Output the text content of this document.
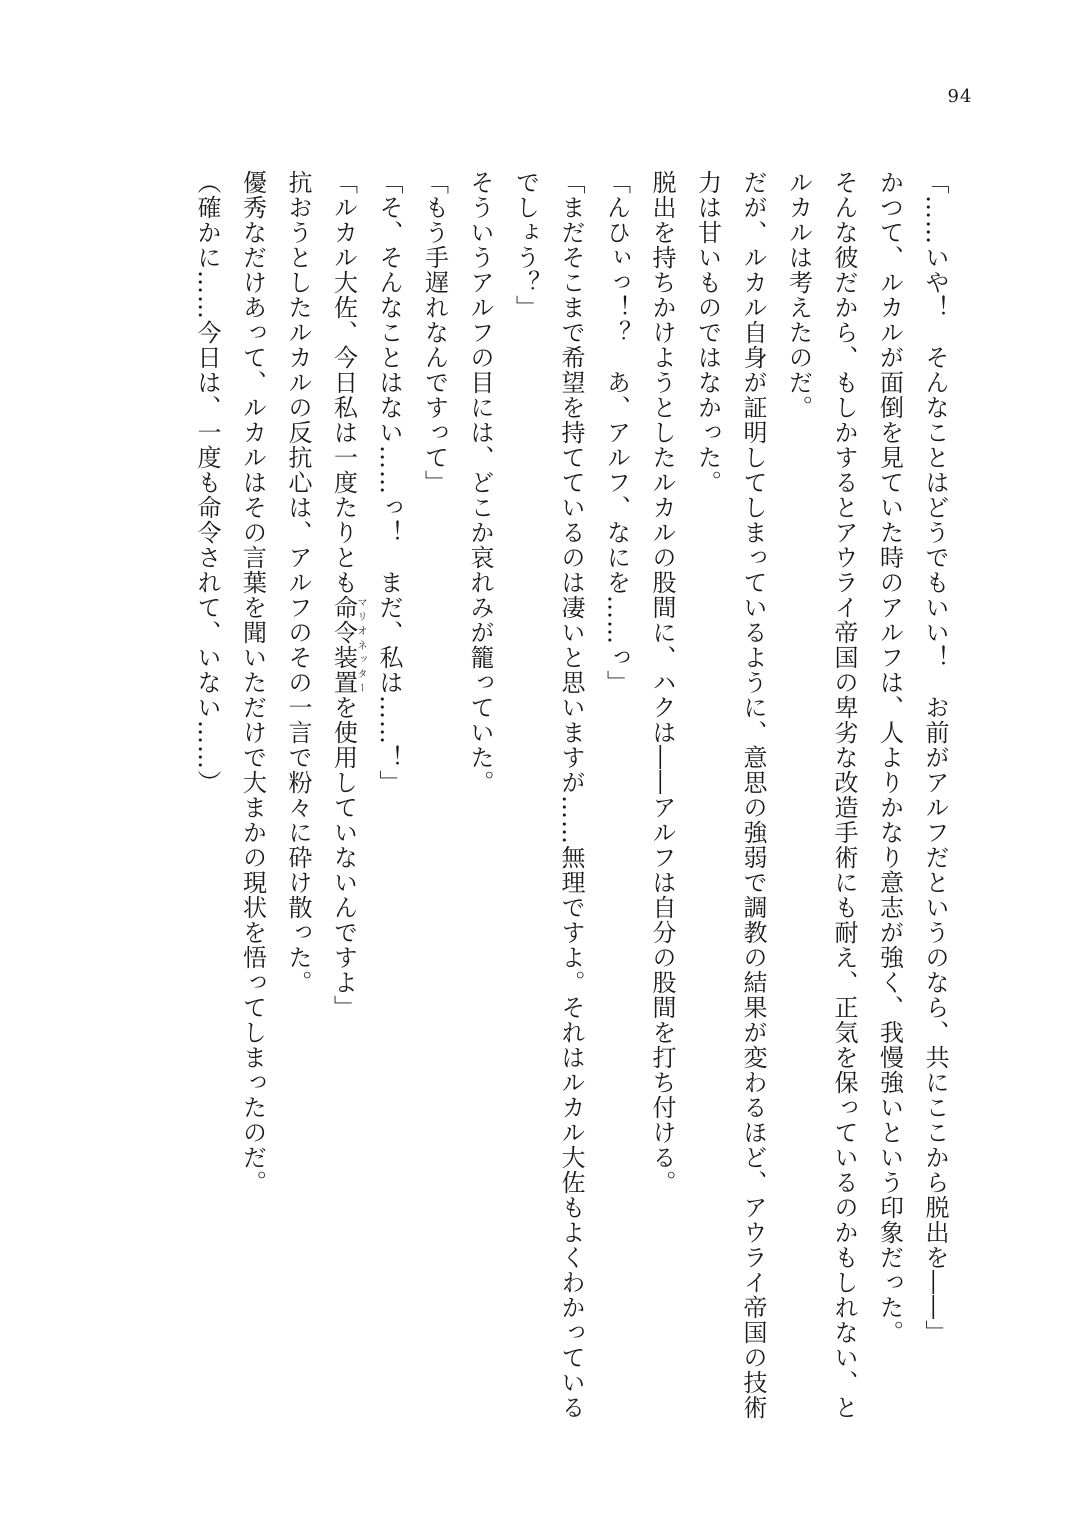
94
「……いや！　そんなことはどうでもいい！　お前がアルフだというのなら、共にここから脱出を――」
かつて、ルカルが面倒を見ていた時のアルフは、人よりかなり意志が強く、我慢強いという印象だった。
そんな彼だから、もしかするとアウライ帝国の卑劣な改造手術にも耐え、正気を保っているのかもしれない、と
ルカルは考えたのだ。
だが、ルカル自身が証明してしまっているように、意思の強弱で調教の結果が変わるほど、アウライ帝国の技術
力は甘いものではなかった。
脱出を持ちかけようとしたルカルの股間に、ハクは――アルフは自分の股間を打ち付ける。
「んひぃっ！？　あ、アルフ、なにを……っ」
「まだそこまで希望を持てているのは凄いと思いますが……無理ですよ。それはルカル大佐もよくわかっている
でしょう？」
そういうアルフの目には、どこか哀れみが籠っていた。
「もう手遅れなんですって」
「そ、そんなことはない……っ！　まだ、私は……！」
「ルカル大佐、今日私は一度たりとも命令装置マリオネッターを使用していないんですよ」
抗おうとしたルカルの反抗心は、アルフのその一言で粉々に砕け散った。
優秀なだけあって、ルカルはその言葉を聞いただけで大まかの現状を悟ってしまったのだ。
（確かに……今日は、一度も命令されて、いない……）
